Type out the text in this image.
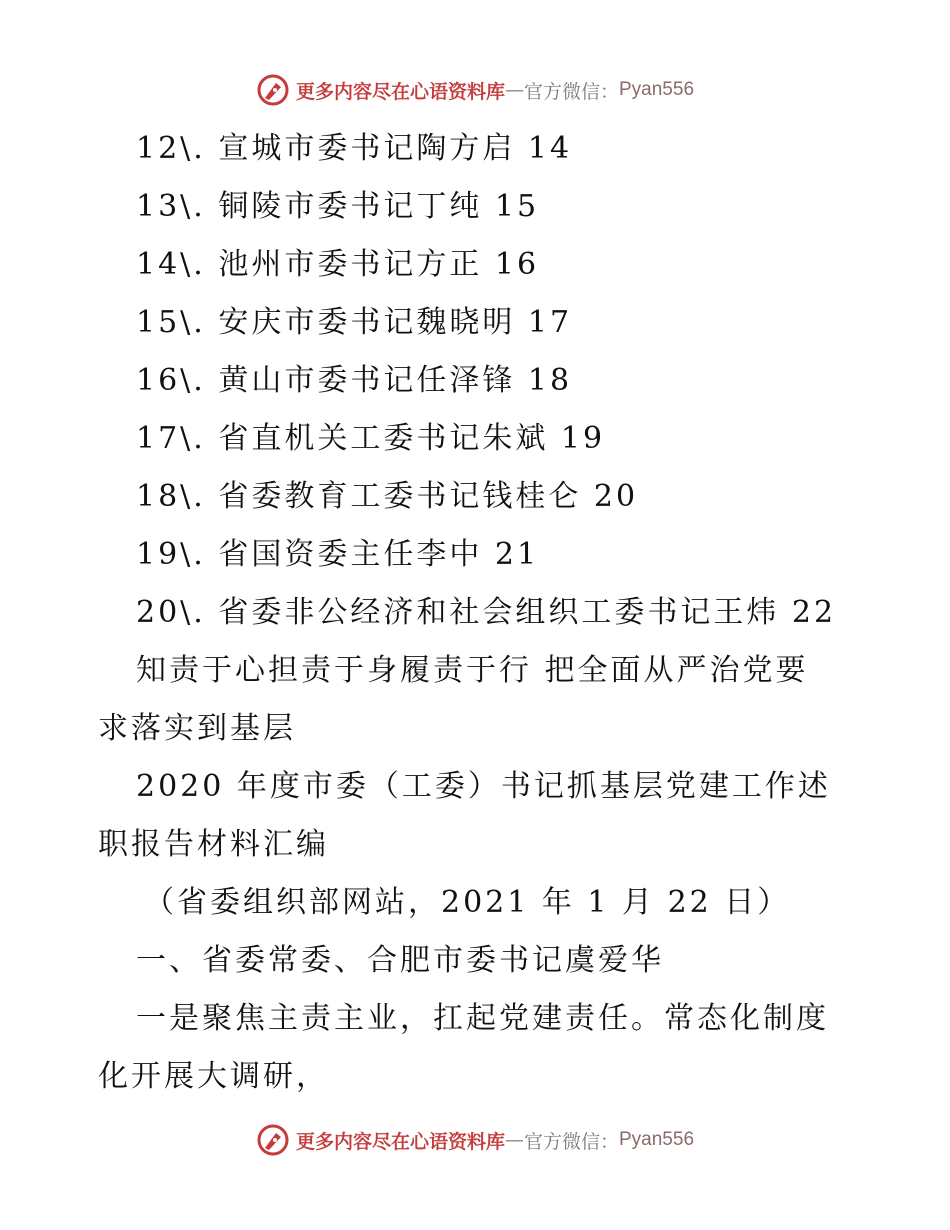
更多内容尽在心语资料库 — 官方微信： Pyan556
12\. 宣城市委书记陶方启 14
13\. 铜陵市委书记丁纯 15
14\. 池州市委书记方正 16
15\. 安庆市委书记魏晓明 17
16\. 黄山市委书记任泽锋 18
17\. 省直机关工委书记朱斌 19
18\. 省委教育工委书记钱桂仑 20
19\. 省国资委主任李中 21
20\. 省委非公经济和社会组织工委书记王炜 22
知责于心担责于身履责于行 把全面从严治党要
求落实到基层
2020 年度市委（工委）书记抓基层党建工作述
职报告材料汇编
（省委组织部网站，2021 年 1 月 22 日）
一、省委常委、合肥市委书记虞爱华
一是聚焦主责主业，扛起党建责任。常态化制度
化开展大调研，
更多内容尽在心语资料库 — 官方微信： Pyan556
